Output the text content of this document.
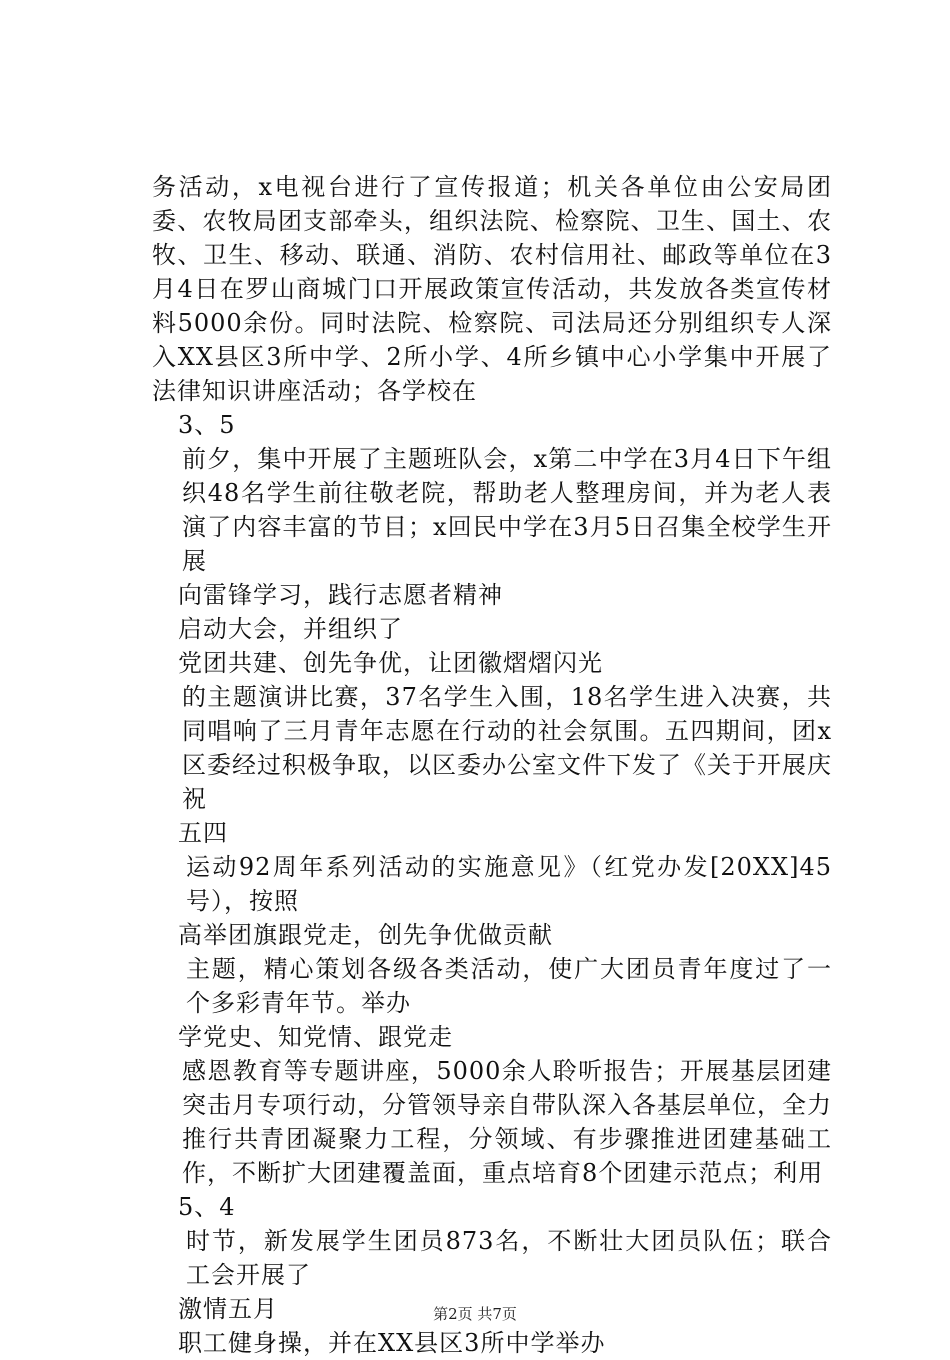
务活动，x电视台进行了宣传报道；机关各单位由公安局团委、农牧局团支部牵头，组织法院、检察院、卫生、国土、农牧、卫生、移动、联通、消防、农村信用社、邮政等单位在3月4日在罗山商城门口开展政策宣传活动，共发放各类宣传材料5000余份。同时法院、检察院、司法局还分别组织专人深入XX县区3所中学、2所小学、4所乡镇中心小学集中开展了法律知识讲座活动；各学校在

3、5

前夕，集中开展了主题班队会，x第二中学在3月4日下午组织48名学生前往敬老院，帮助老人整理房间，并为老人表演了内容丰富的节目；x回民中学在3月5日召集全校学生开展

向雷锋学习，践行志愿者精神

启动大会，并组织了

党团共建、创先争优，让团徽熠熠闪光

的主题演讲比赛，37名学生入围，18名学生进入决赛，共同唱响了三月青年志愿在行动的社会氛围。五四期间，团x区委经过积极争取，以区委办公室文件下发了《关于开展庆祝

五四

运动92周年系列活动的实施意见》（红党办发[20XX]45号），按照

高举团旗跟党走，创先争优做贡献

主题，精心策划各级各类活动，使广大团员青年度过了一个多彩青年节。举办

学党史、知党情、跟党走

感恩教育等专题讲座，5000余人聆听报告；开展基层团建突击月专项行动，分管领导亲自带队深入各基层单位，全力推行共青团凝聚力工程，分领域、有步骤推进团建基础工作，不断扩大团建覆盖面，重点培育8个团建示范点；利用

5、4

时节，新发展学生团员873名，不断壮大团员队伍；联合工会开展了

激情五月

职工健身操，并在XX县区3所中学举办

第2页 共7页
